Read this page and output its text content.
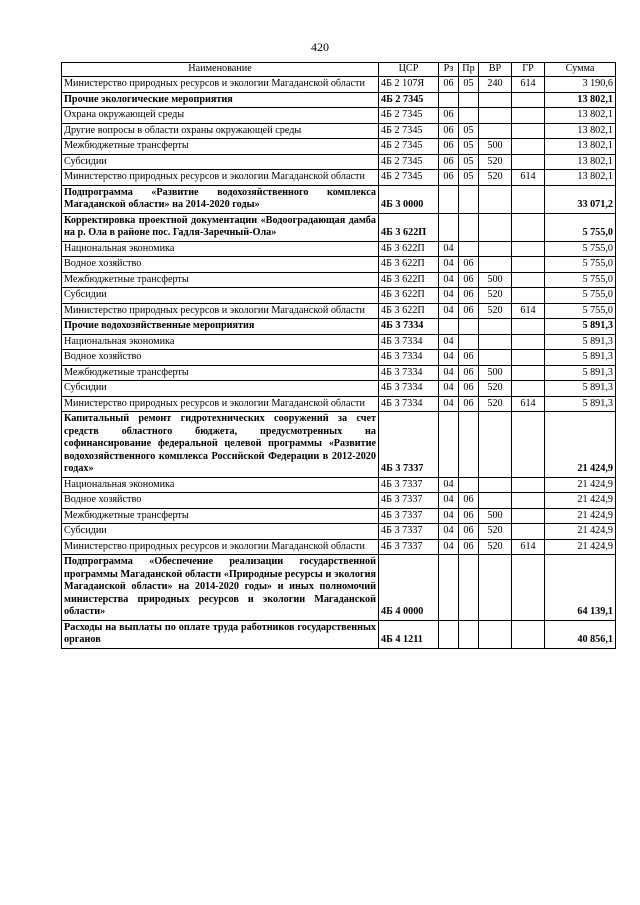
420
Наименование	ЦСР	Рз	Пр	ВР	ГР	Сумма
Министерство природных ресурсов и экологии Магаданской области	4Б 2 107Я	06	05	240	614	3 190,6
Прочие экологические мероприятия	4Б 2 7345					13 802,1
Охрана окружающей среды	4Б 2 7345	06				13 802,1
Другие вопросы в области охраны окружающей среды	4Б 2 7345	06	05			13 802,1
Межбюджетные трансферты	4Б 2 7345	06	05	500		13 802,1
Субсидии	4Б 2 7345	06	05	520		13 802,1
Министерство природных ресурсов и экологии Магаданской области	4Б 2 7345	06	05	520	614	13 802,1
Подпрограмма «Развитие водохозяйственного комплекса Магаданской области» на 2014-2020 годы»	4Б 3 0000					33 071,2
Корректировка проектной документации «Водооградающая дамба на р. Ола в районе пос. Гадля-Заречный-Ола»	4Б 3 622П					5 755,0
Национальная экономика	4Б 3 622П	04				5 755,0
Водное хозяйство	4Б 3 622П	04	06			5 755,0
Межбюджетные трансферты	4Б 3 622П	04	06	500		5 755,0
Субсидии	4Б 3 622П	04	06	520		5 755,0
Министерство природных ресурсов и экологии Магаданской области	4Б 3 622П	04	06	520	614	5 755,0
Прочие водохозяйственные мероприятия	4Б 3 7334					5 891,3
Национальная экономика	4Б 3 7334	04				5 891,3
Водное хозяйство	4Б 3 7334	04	06			5 891,3
Межбюджетные трансферты	4Б 3 7334	04	06	500		5 891,3
Субсидии	4Б 3 7334	04	06	520		5 891,3
Министерство природных ресурсов и экологии Магаданской области	4Б 3 7334	04	06	520	614	5 891,3
Капитальный ремонт гидротехнических сооружений за счет средств областного бюджета, предусмотренных на софинансирование федеральной целевой программы «Развитие водохозяйственного комплекса Российской Федерации в 2012-2020 годах»	4Б 3 7337					21 424,9
Национальная экономика	4Б 3 7337	04				21 424,9
Водное хозяйство	4Б 3 7337	04	06			21 424,9
Межбюджетные трансферты	4Б 3 7337	04	06	500		21 424,9
Субсидии	4Б 3 7337	04	06	520		21 424,9
Министерство природных ресурсов и экологии Магаданской области	4Б 3 7337	04	06	520	614	21 424,9
Подпрограмма «Обеспечение реализации государственной программы Магаданской области «Природные ресурсы и экология Магаданской области» на 2014-2020 годы» и иных полномочий министерства природных ресурсов и экологии Магаданской области»	4Б 4 0000					64 139,1
Расходы на выплаты по оплате труда работников государственных органов	4Б 4 1211					40 856,1
